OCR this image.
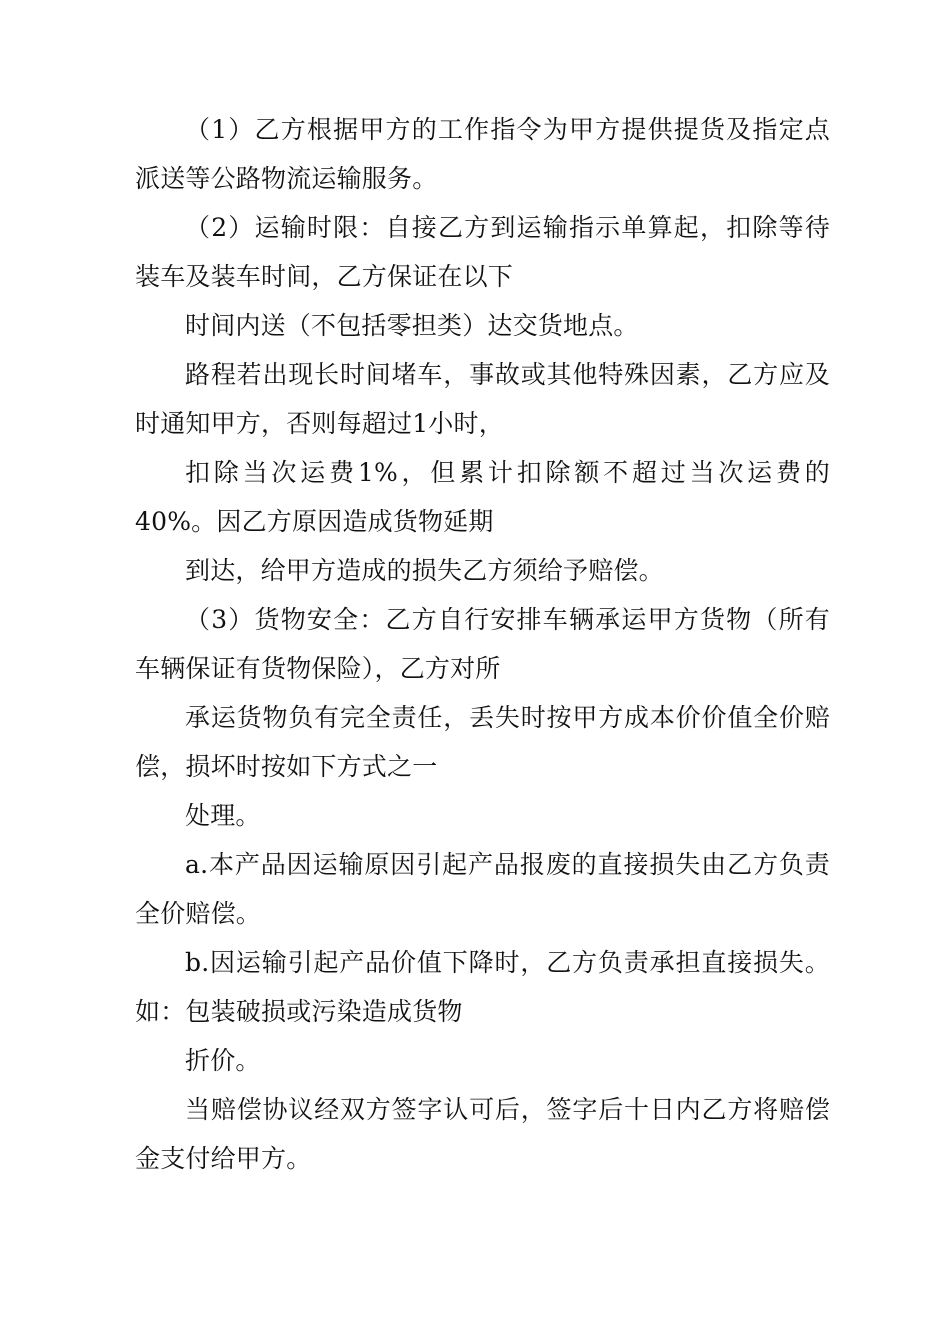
（1）乙方根据甲方的工作指令为甲方提供提货及指定点派送等公路物流运输服务。

（2）运输时限：自接乙方到运输指示单算起，扣除等待装车及装车时间，乙方保证在以下

时间内送（不包括零担类）达交货地点。

路程若出现长时间堵车，事故或其他特殊因素，乙方应及时通知甲方，否则每超过1小时，

扣除当次运费1%，但累计扣除额不超过当次运费的40%。因乙方原因造成货物延期

到达，给甲方造成的损失乙方须给予赔偿。

（3）货物安全：乙方自行安排车辆承运甲方货物（所有车辆保证有货物保险），乙方对所

承运货物负有完全责任，丢失时按甲方成本价价值全价赔偿，损坏时按如下方式之一

处理。

a.本产品因运输原因引起产品报废的直接损失由乙方负责全价赔偿。

b.因运输引起产品价值下降时，乙方负责承担直接损失。如：包装破损或污染造成货物

折价。

当赔偿协议经双方签字认可后，签字后十日内乙方将赔偿金支付给甲方。
